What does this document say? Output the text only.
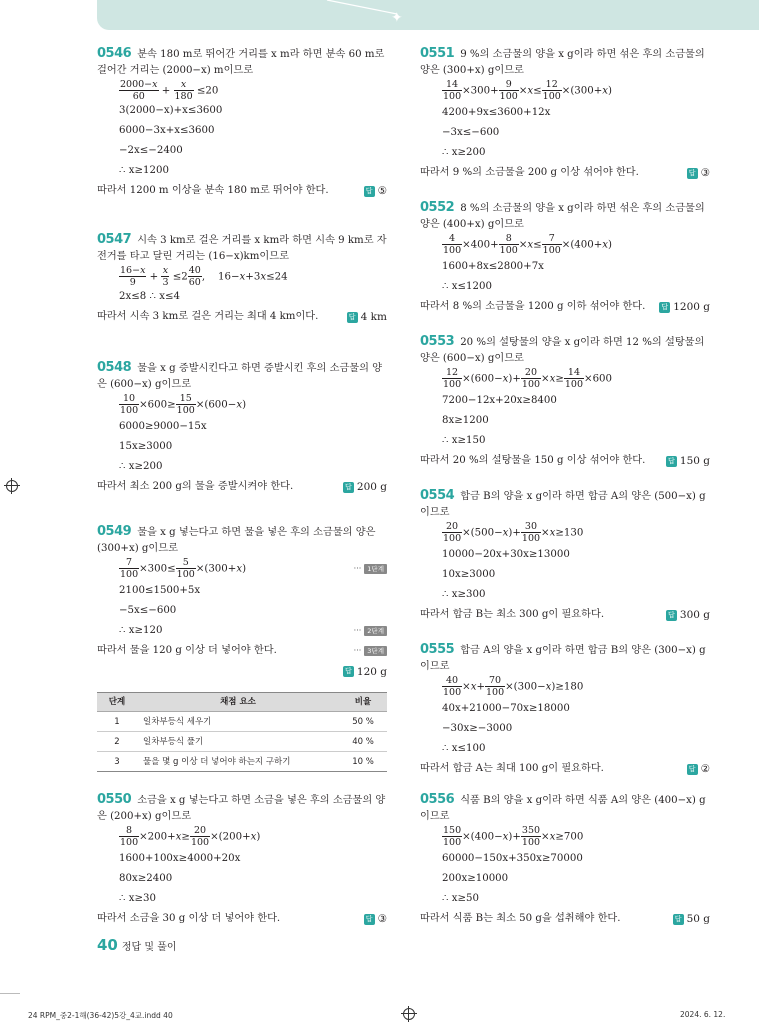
✦
0546 분속 180 m로 뛰어간 거리를 x m라 하면 분속 60 m로 걸어간 거리는 (2000−x) m이므로
$\frac{2000-x}{60} + \frac{x}{180} \le 20$
3(2000−x)+x≤3600
6000−3x+x≤3600
−2x≤−2400
∴ x≥1200
따라서 1200 m 이상을 분속 180 m로 뛰어야 한다.	답 ⑤
0547 시속 3 km로 걸은 거리를 x km라 하면 시속 9 km로 자전거를 타고 달린 거리는 (16−x)km이므로
$\frac{16-x}{9} + \frac{x}{3} \le 2 \frac{40}{60}$ ,    16−x+3x≤24
2x≤8 ∴ x≤4
따라서 시속 3 km로 걸은 거리는 최대 4 km이다.	답 4 km
0548 물을 x g 증발시킨다고 하면 증발시킨 후의 소금물의 양은 (600−x) g이므로
$\frac{10}{100} \times 600\ge \frac{15}{100} \times(600-x)$
6000≥9000−15x
15x≥3000
∴ x≥200
따라서 최소 200 g의 물을 증발시켜야 한다.	답 200 g
0549 물을 x g 넣는다고 하면 물을 넣은 후의 소금물의 양은 (300+x) g이므로
$\frac{7}{100} \times 300\le \frac{5}{100} \times(300+x)$	··· 1단계
2100≤1500+5x
−5x≤−600
∴ x≥120	··· 2단계
따라서 물을 120 g 이상 더 넣어야 한다.	··· 3단계
답 120 g
단계	채점 요소	비율
1	일차부등식 세우기	50 %
2	일차부등식 풀기	40 %
3	물을 몇 g 이상 더 넣어야 하는지 구하기	10 %
0550 소금을 x g 넣는다고 하면 소금을 넣은 후의 소금물의 양은 (200+x) g이므로
$\frac{8}{100} \times 200+x\ge \frac{20}{100} \times(200+x)$
1600+100x≥4000+20x
80x≥2400
∴ x≥30
따라서 소금을 30 g 이상 더 넣어야 한다.	답 ③
0551 9 %의 소금물의 양을 x g이라 하면 섞은 후의 소금물의 양은 (300+x) g이므로
$\frac{14}{100} \times 300+ \frac{9}{100} \times x\le \frac{12}{100} \times(300+x)$
4200+9x≤3600+12x
−3x≤−600
∴ x≥200
따라서 9 %의 소금물을 200 g 이상 섞어야 한다.	답 ③
0552 8 %의 소금물의 양을 x g이라 하면 섞은 후의 소금물의 양은 (400+x) g이므로
$\frac{4}{100} \times 400+ \frac{8}{100} \times x\le \frac{7}{100} \times(400+x)$
1600+8x≤2800+7x
∴ x≤1200
따라서 8 %의 소금물을 1200 g 이하 섞어야 한다.	답 1200 g
0553 20 %의 설탕물의 양을 x g이라 하면 12 %의 설탕물의 양은 (600−x) g이므로
$\frac{12}{100} \times(600-x)+ \frac{20}{100} \times x\ge \frac{14}{100} \times 600$
7200−12x+20x≥8400
8x≥1200
∴ x≥150
따라서 20 %의 설탕물을 150 g 이상 섞어야 한다.	답 150 g
0554 합금 B의 양을 x g이라 하면 합금 A의 양은 (500−x) g이므로
$\frac{20}{100} \times(500-x)+ \frac{30}{100} \times x\ge 130$
10000−20x+30x≥13000
10x≥3000
∴ x≥300
따라서 합금 B는 최소 300 g이 필요하다.	답 300 g
0555 합금 A의 양을 x g이라 하면 합금 B의 양은 (300−x) g이므로
$\frac{40}{100} \times x+ \frac{70}{100} \times(300-x)\ge 180$
40x+21000−70x≥18000
−30x≥−3000
∴ x≤100
따라서 합금 A는 최대 100 g이 필요하다.	답 ②
0556 식품 B의 양을 x g이라 하면 식품 A의 양은 (400−x) g이므로
$\frac{150}{100} \times(400-x)+ \frac{350}{100} \times x\ge 700$
60000−150x+350x≥70000
200x≥10000
∴ x≥50
따라서 식품 B는 최소 50 g을 섭취해야 한다.	답 50 g
40 정답 및 풀이
24 RPM_중2-1해(36-42)5강_4교.indd 40	2024. 6. 12.
